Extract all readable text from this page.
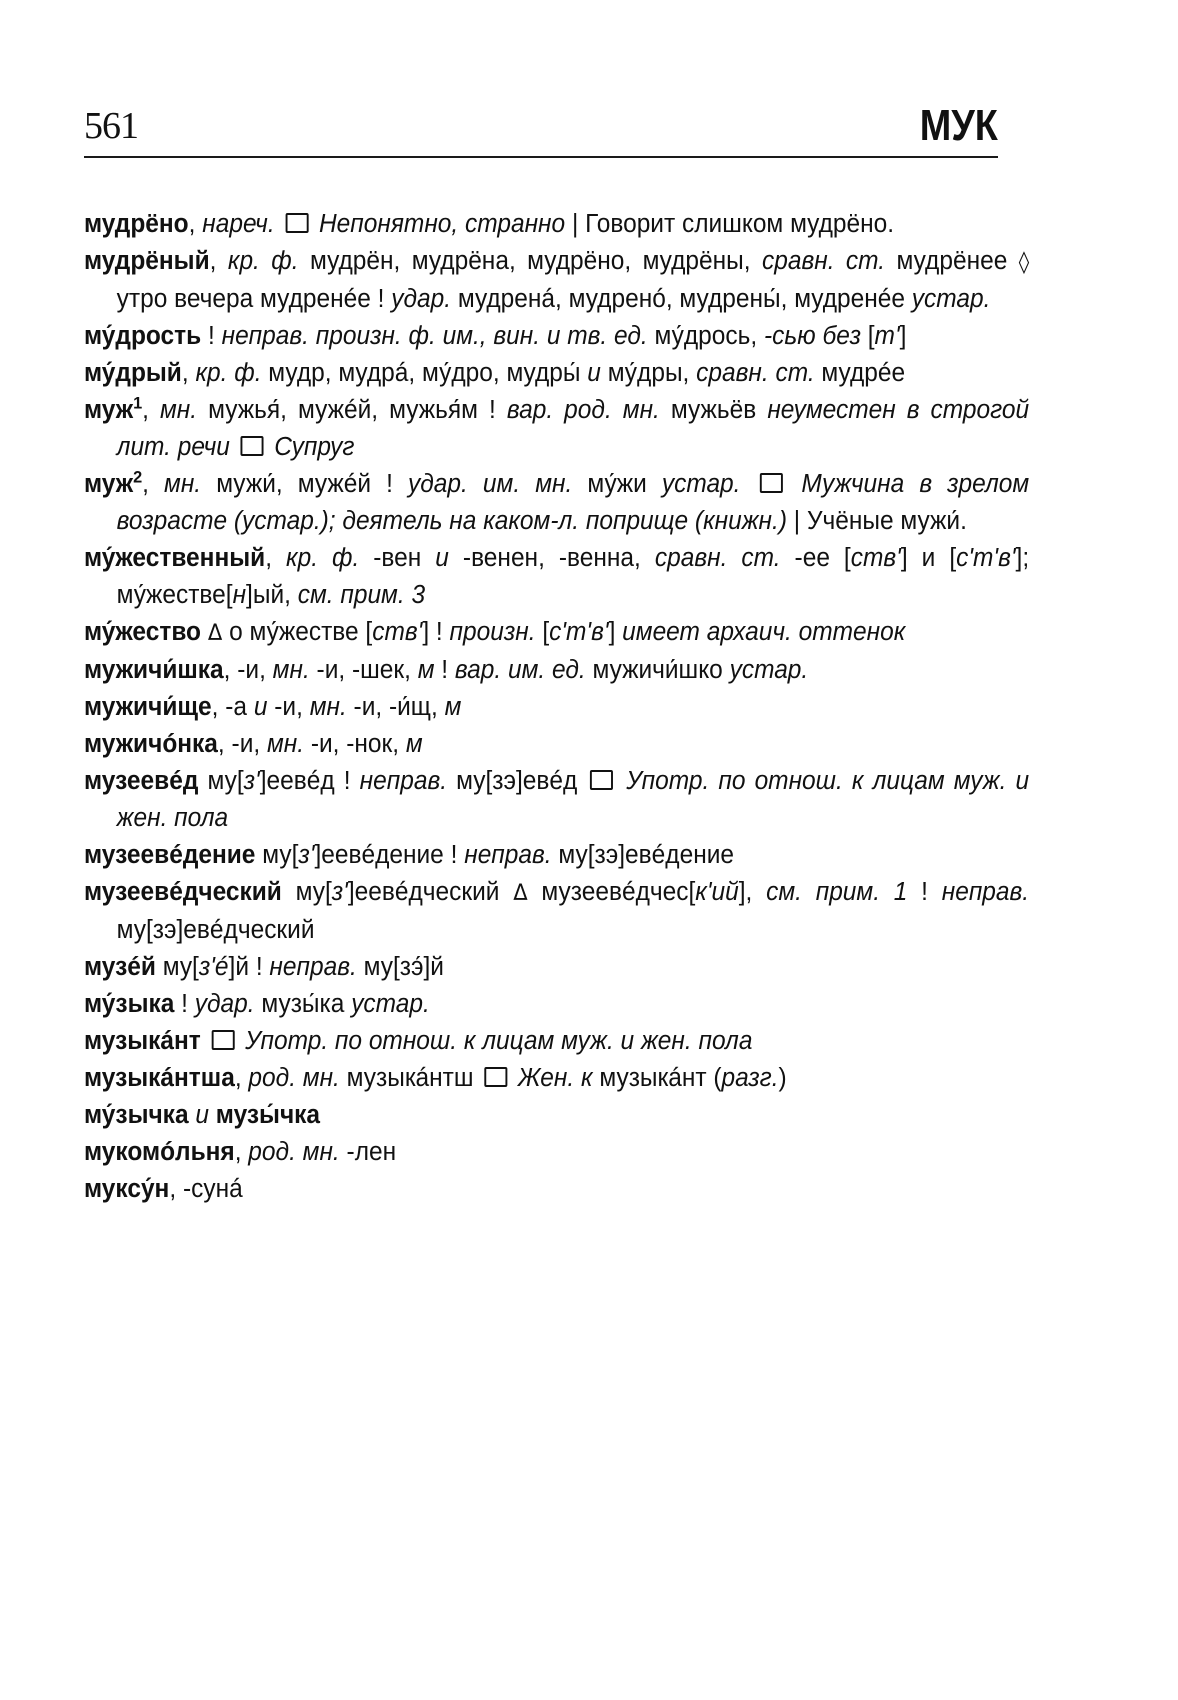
561	МУК
мудрёно, нареч.  Непонятно, странно | Говорит слишком мудрёно.
мудрёный, кр. ф. мудрён, мудрёна, мудрёно, мудрёны, сравн. ст. мудрёнее ◊ утро вечера мудренéе ! удар. мудренá, мудренó, мудрены́, мудренéе устар.
му́дрость ! неправ. произн. ф. им., вин. и тв. ед. му́дрось, -сью без [т']
му́дрый, кр. ф. мудр, мудрá, му́дро, мудры́ и му́дры, сравн. ст. мудрéе
муж$^1$, мн. мужья́, мужéй, мужья́м ! вар. род. мн. мужьёв неуместен в строгой лит. речи  Супруг
муж$^2$, мн. мужи́, мужéй ! удар. им. мн. му́жи устар.  Мужчина в зрелом возрасте (устар.); деятель на каком-л. поприще (книжн.) | Учёные мужи́.
му́жественный, кр. ф. -вен и -венен, -венна, сравн. ст. -ее [ств'] и [с'т'в']; му́жестве[н]ый, см. прим. 3
му́жество Δ о му́жестве [ств'] ! произн. [с'т'в'] имеет архаич. оттенок
мужичи́шка, -и, мн. -и, -шек, м ! вар. им. ед. мужичи́шко устар.
мужичи́ще, -а и -и, мн. -и, -и́щ, м
мужичóнка, -и, мн. -и, -нок, м
музеевéд му[з']еевéд ! неправ. му[зэ]евéд  Употр. по отнош. к лицам муж. и жен. пола
музеевéдение му[з']еевéдение ! неправ. му[зэ]евéдение
музеевéдческий му[з']еевéдческий Δ музеевéдчес[к'ий], см. прим. 1 ! неправ. му[зэ]евéдческий
музéй му[з'é]й ! неправ. му[зэ́]й
му́зыка ! удар. музы́ка устар.
музыкáнт  Употр. по отнош. к лицам муж. и жен. пола
музыкáнтша, род. мн. музыкáнтш  Жен. к музыкáнт (разг.)
му́зычка и музы́чка
мукомóльня, род. мн. -лен
муксу́н, -сунá
